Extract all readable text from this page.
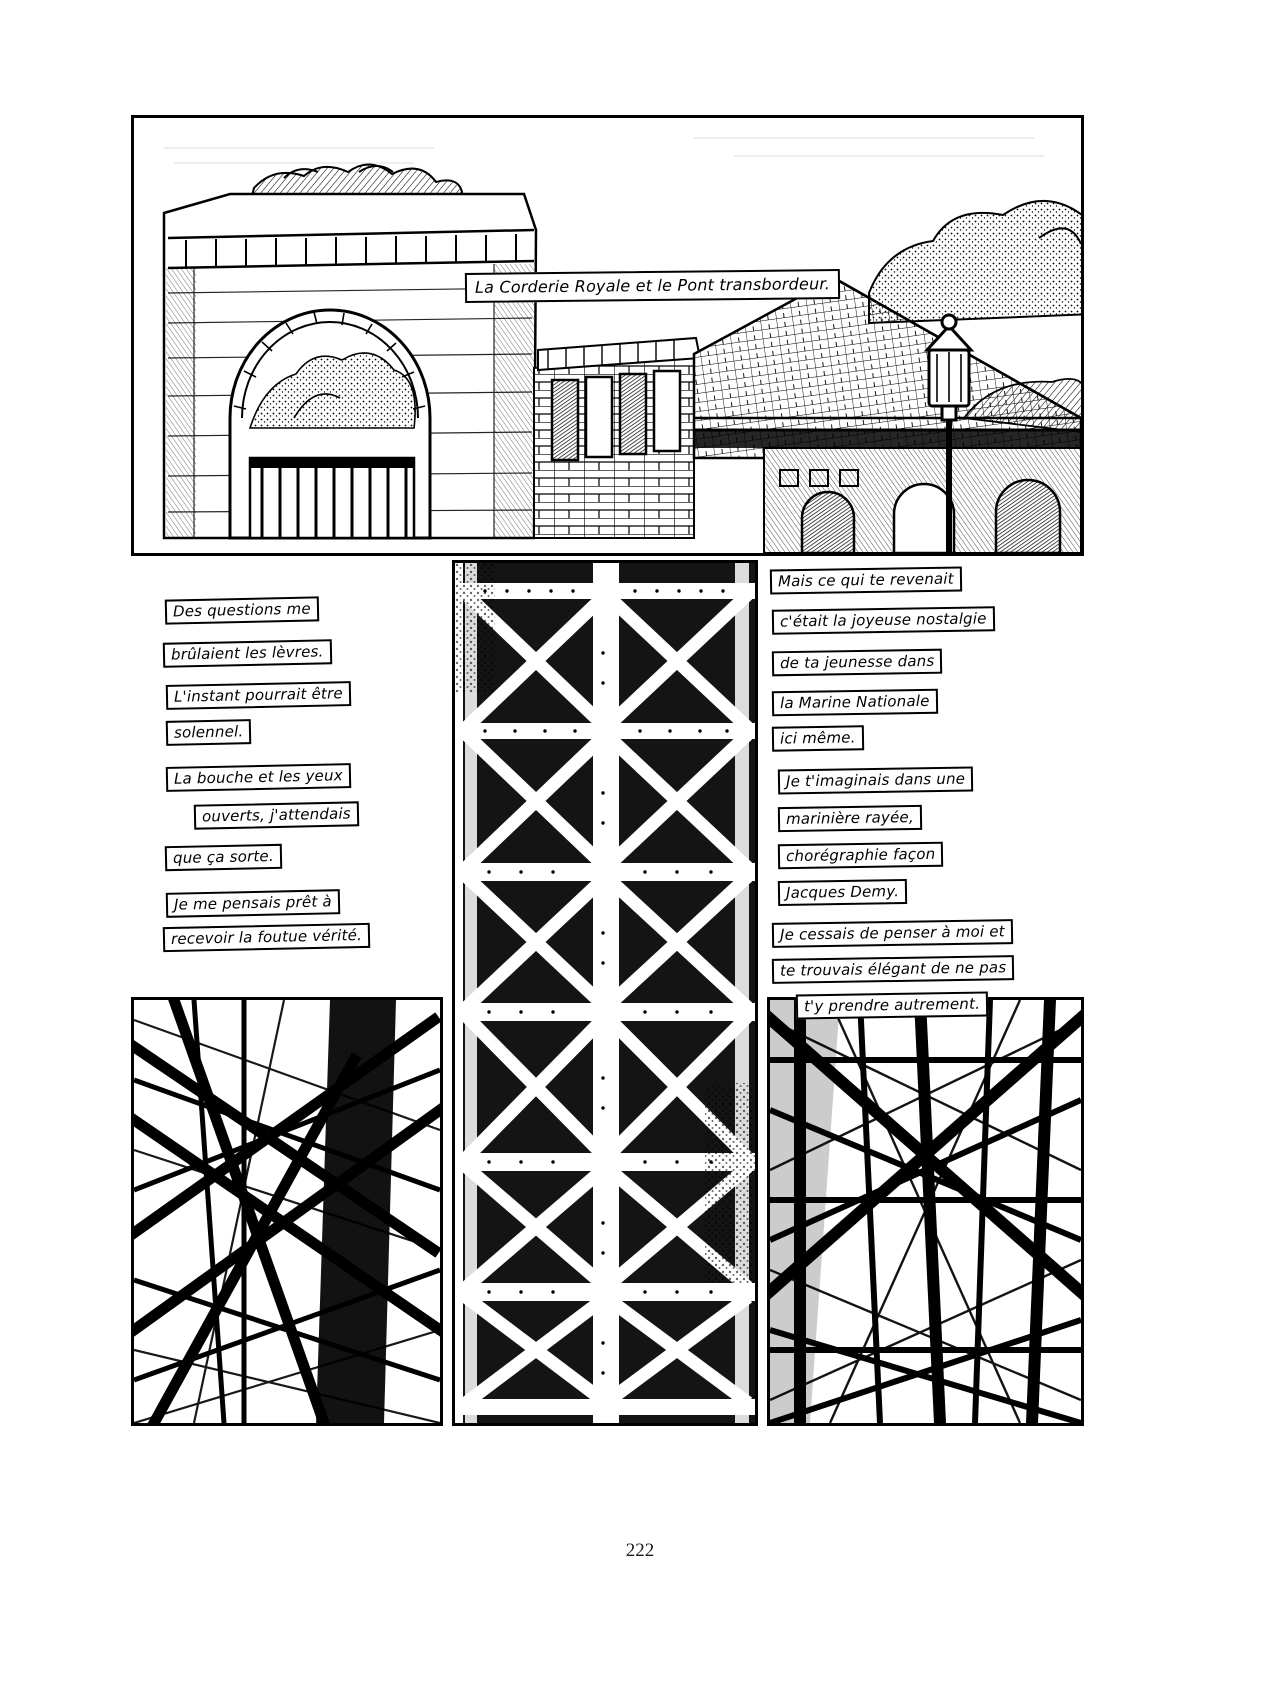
La Corderie Royale et le Pont transbordeur.
Des questions me
brûlaient les lèvres.
L'instant pourrait être
solennel.
La bouche et les yeux
ouverts, j'attendais
que ça sorte.
Je me pensais prêt à
recevoir la foutue vérité.
Mais ce qui te revenait
c'était la joyeuse nostalgie
de ta jeunesse dans
la Marine Nationale
ici même.
Je t'imaginais dans une
marinière rayée,
chorégraphie façon
Jacques Demy.
Je cessais de penser à moi et
te trouvais élégant de ne pas
t'y prendre autrement.
222
